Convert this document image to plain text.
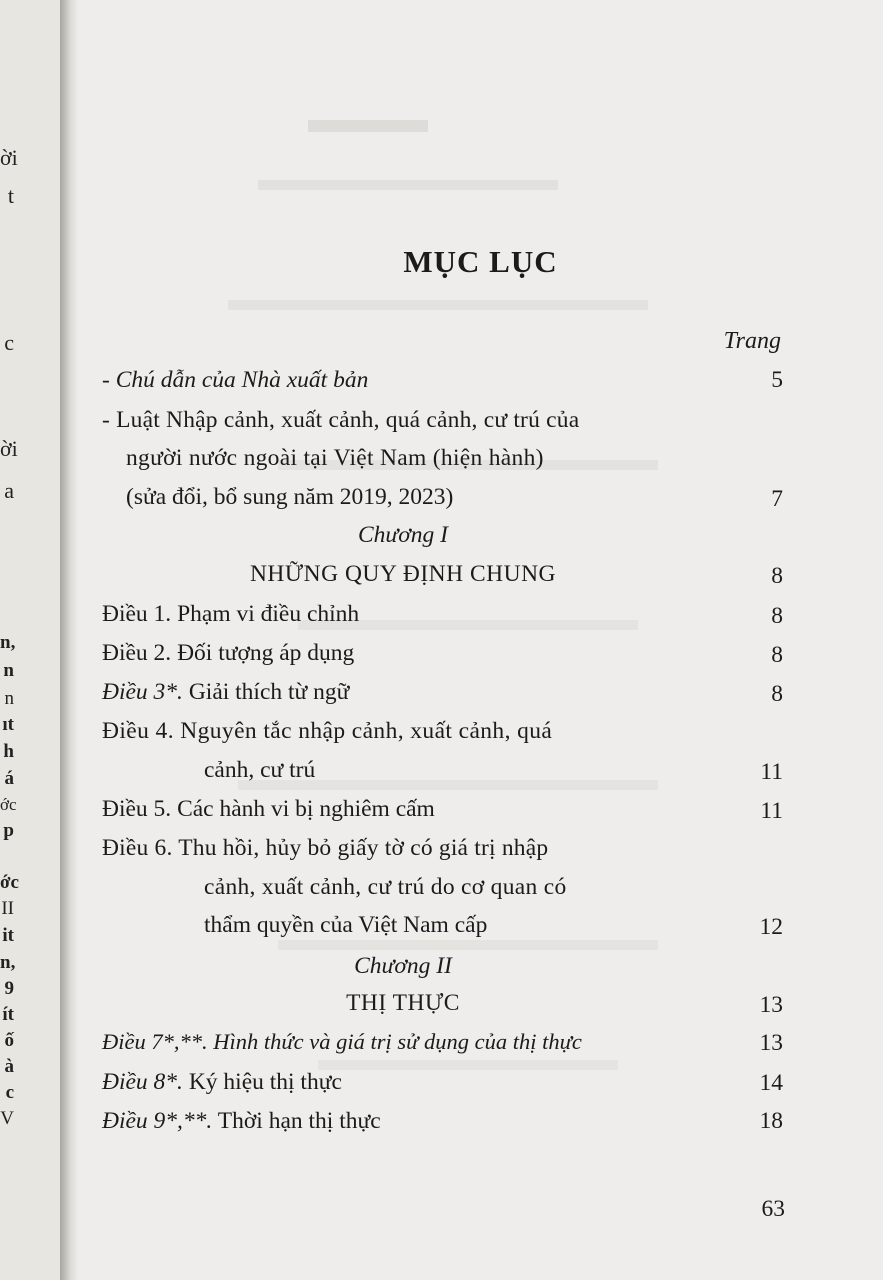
ời
t
c
ời
a
n,
n
n
ıt
h
á
ớc
p
ớc
II
it
n,
9
ít
ố
à
c
V
MỤC LỤC
Trang
- Chú dẫn của Nhà xuất bản	5
- Luật Nhập cảnh, xuất cảnh, quá cảnh, cư trú của
người nước ngoài tại Việt Nam (hiện hành)
(sửa đổi, bổ sung năm 2019, 2023)	7
Chương I
NHỮNG QUY ĐỊNH CHUNG	8
Điều 1. Phạm vi điều chỉnh	8
Điều 2. Đối tượng áp dụng	8
Điều 3*. Giải thích từ ngữ	8
Điều 4. Nguyên tắc nhập cảnh, xuất cảnh, quá
cảnh, cư trú	11
Điều 5. Các hành vi bị nghiêm cấm	11
Điều 6. Thu hồi, hủy bỏ giấy tờ có giá trị nhập
cảnh, xuất cảnh, cư trú do cơ quan có
thẩm quyền của Việt Nam cấp	12
Chương II
THỊ THỰC	13
Điều 7*,**. Hình thức và giá trị sử dụng của thị thực	13
Điều 8*. Ký hiệu thị thực	14
Điều 9*,**. Thời hạn thị thực	18
63
